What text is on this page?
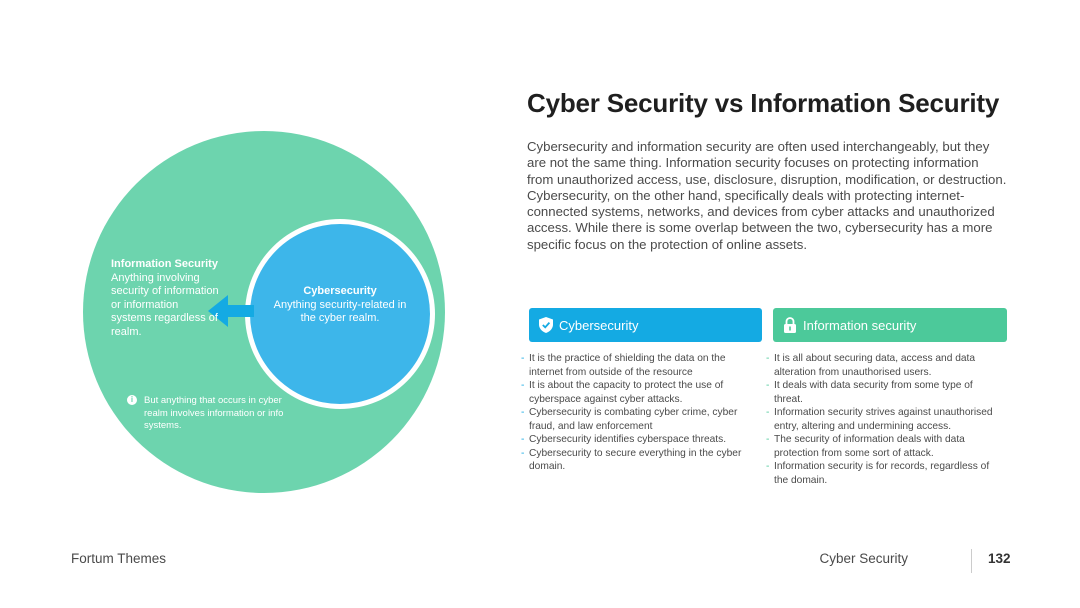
Cybersecurity
Anything security-related in the cyber realm.
Information Security
Anything involving security of information or information systems regardless of realm.
i	But anything that occurs in cyber realm involves information or info systems.
Cyber Security vs Information Security
Cybersecurity and information security are often used interchangeably, but they are not the same thing. Information security focuses on protecting information from unauthorized access, use, disclosure, disruption, modification, or destruction. Cybersecurity, on the other hand, specifically deals with protecting internet-connected systems, networks, and devices from cyber attacks and unauthorized access. While there is some overlap between the two, cybersecurity has a more specific focus on the protection of online assets.
Cybersecurity	Information security
- It is the practice of shielding the data on the internet from outside of the resource
- It is about the capacity to protect the use of cyberspace against cyber attacks.
- Cybersecurity is combating cyber crime, cyber fraud, and law enforcement
- Cybersecurity identifies cyberspace threats.
- Cybersecurity to secure everything in the cyber domain.
- It is all about securing data, access and data alteration from unauthorised users.
- It deals with data security from some type of threat.
- Information security strives against unauthorised entry, altering and undermining access.
- The security of information deals with data protection from some sort of attack.
- Information security is for records, regardless of the domain.
Fortum Themes	Cyber Security	132
